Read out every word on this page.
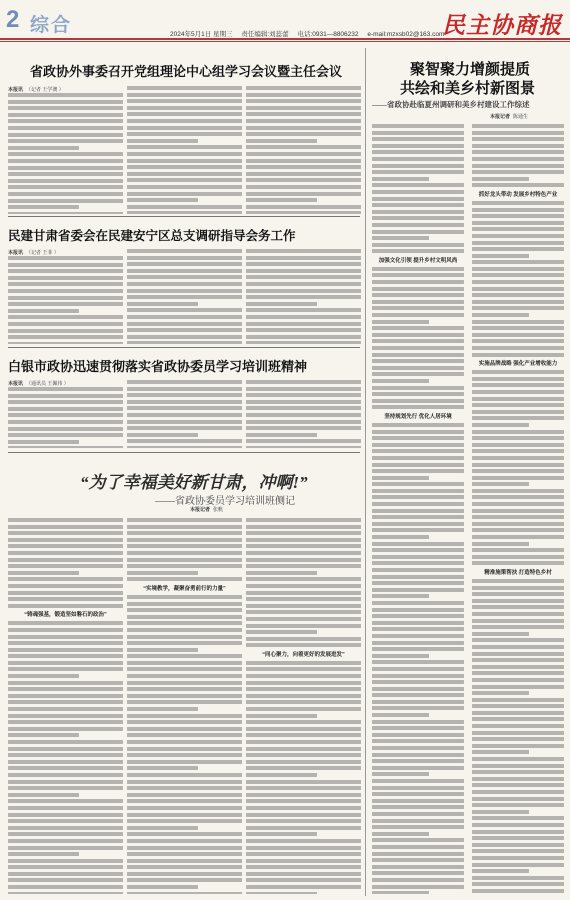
2 综合	民主协商报
2024年5月1日 星期三 责任编辑:刘蕊蕾 电话:0931—8806232 e-mail:mzxsb02@163.com
省政协外事委召开党组理论中心组学习会议暨主任会议
本报讯 （记者 王学澳 ）
民建甘肃省委会在民建安宁区总支调研指导会务工作
本报讯 （记者 王菲 ）
白银市政协迅速贯彻落实省政协委员学习培训班精神
本报讯 （通讯员 王佩伟 ）
“为了幸福美好新甘肃，冲啊!”
——省政协委员学习培训班侧记
本报记者 张帆
“铸魂强基，锻造坚如磐石的政治”
“实境教学，凝聚奋勇前行的力量”
“同心聚力，向着更好的发展进发”
聚智聚力增颜提质
共绘和美乡村新图景
——省政协赴临夏州调研和美乡村建设工作综述
本报记者 陈通生
加强文化引领 提升乡村文明风尚
坚持规划先行 优化人居环境
抓好龙头带动 发展乡村特色产业
实施品牌战略 强化产业增收能力
精准施策帮扶 打造特色乡村
